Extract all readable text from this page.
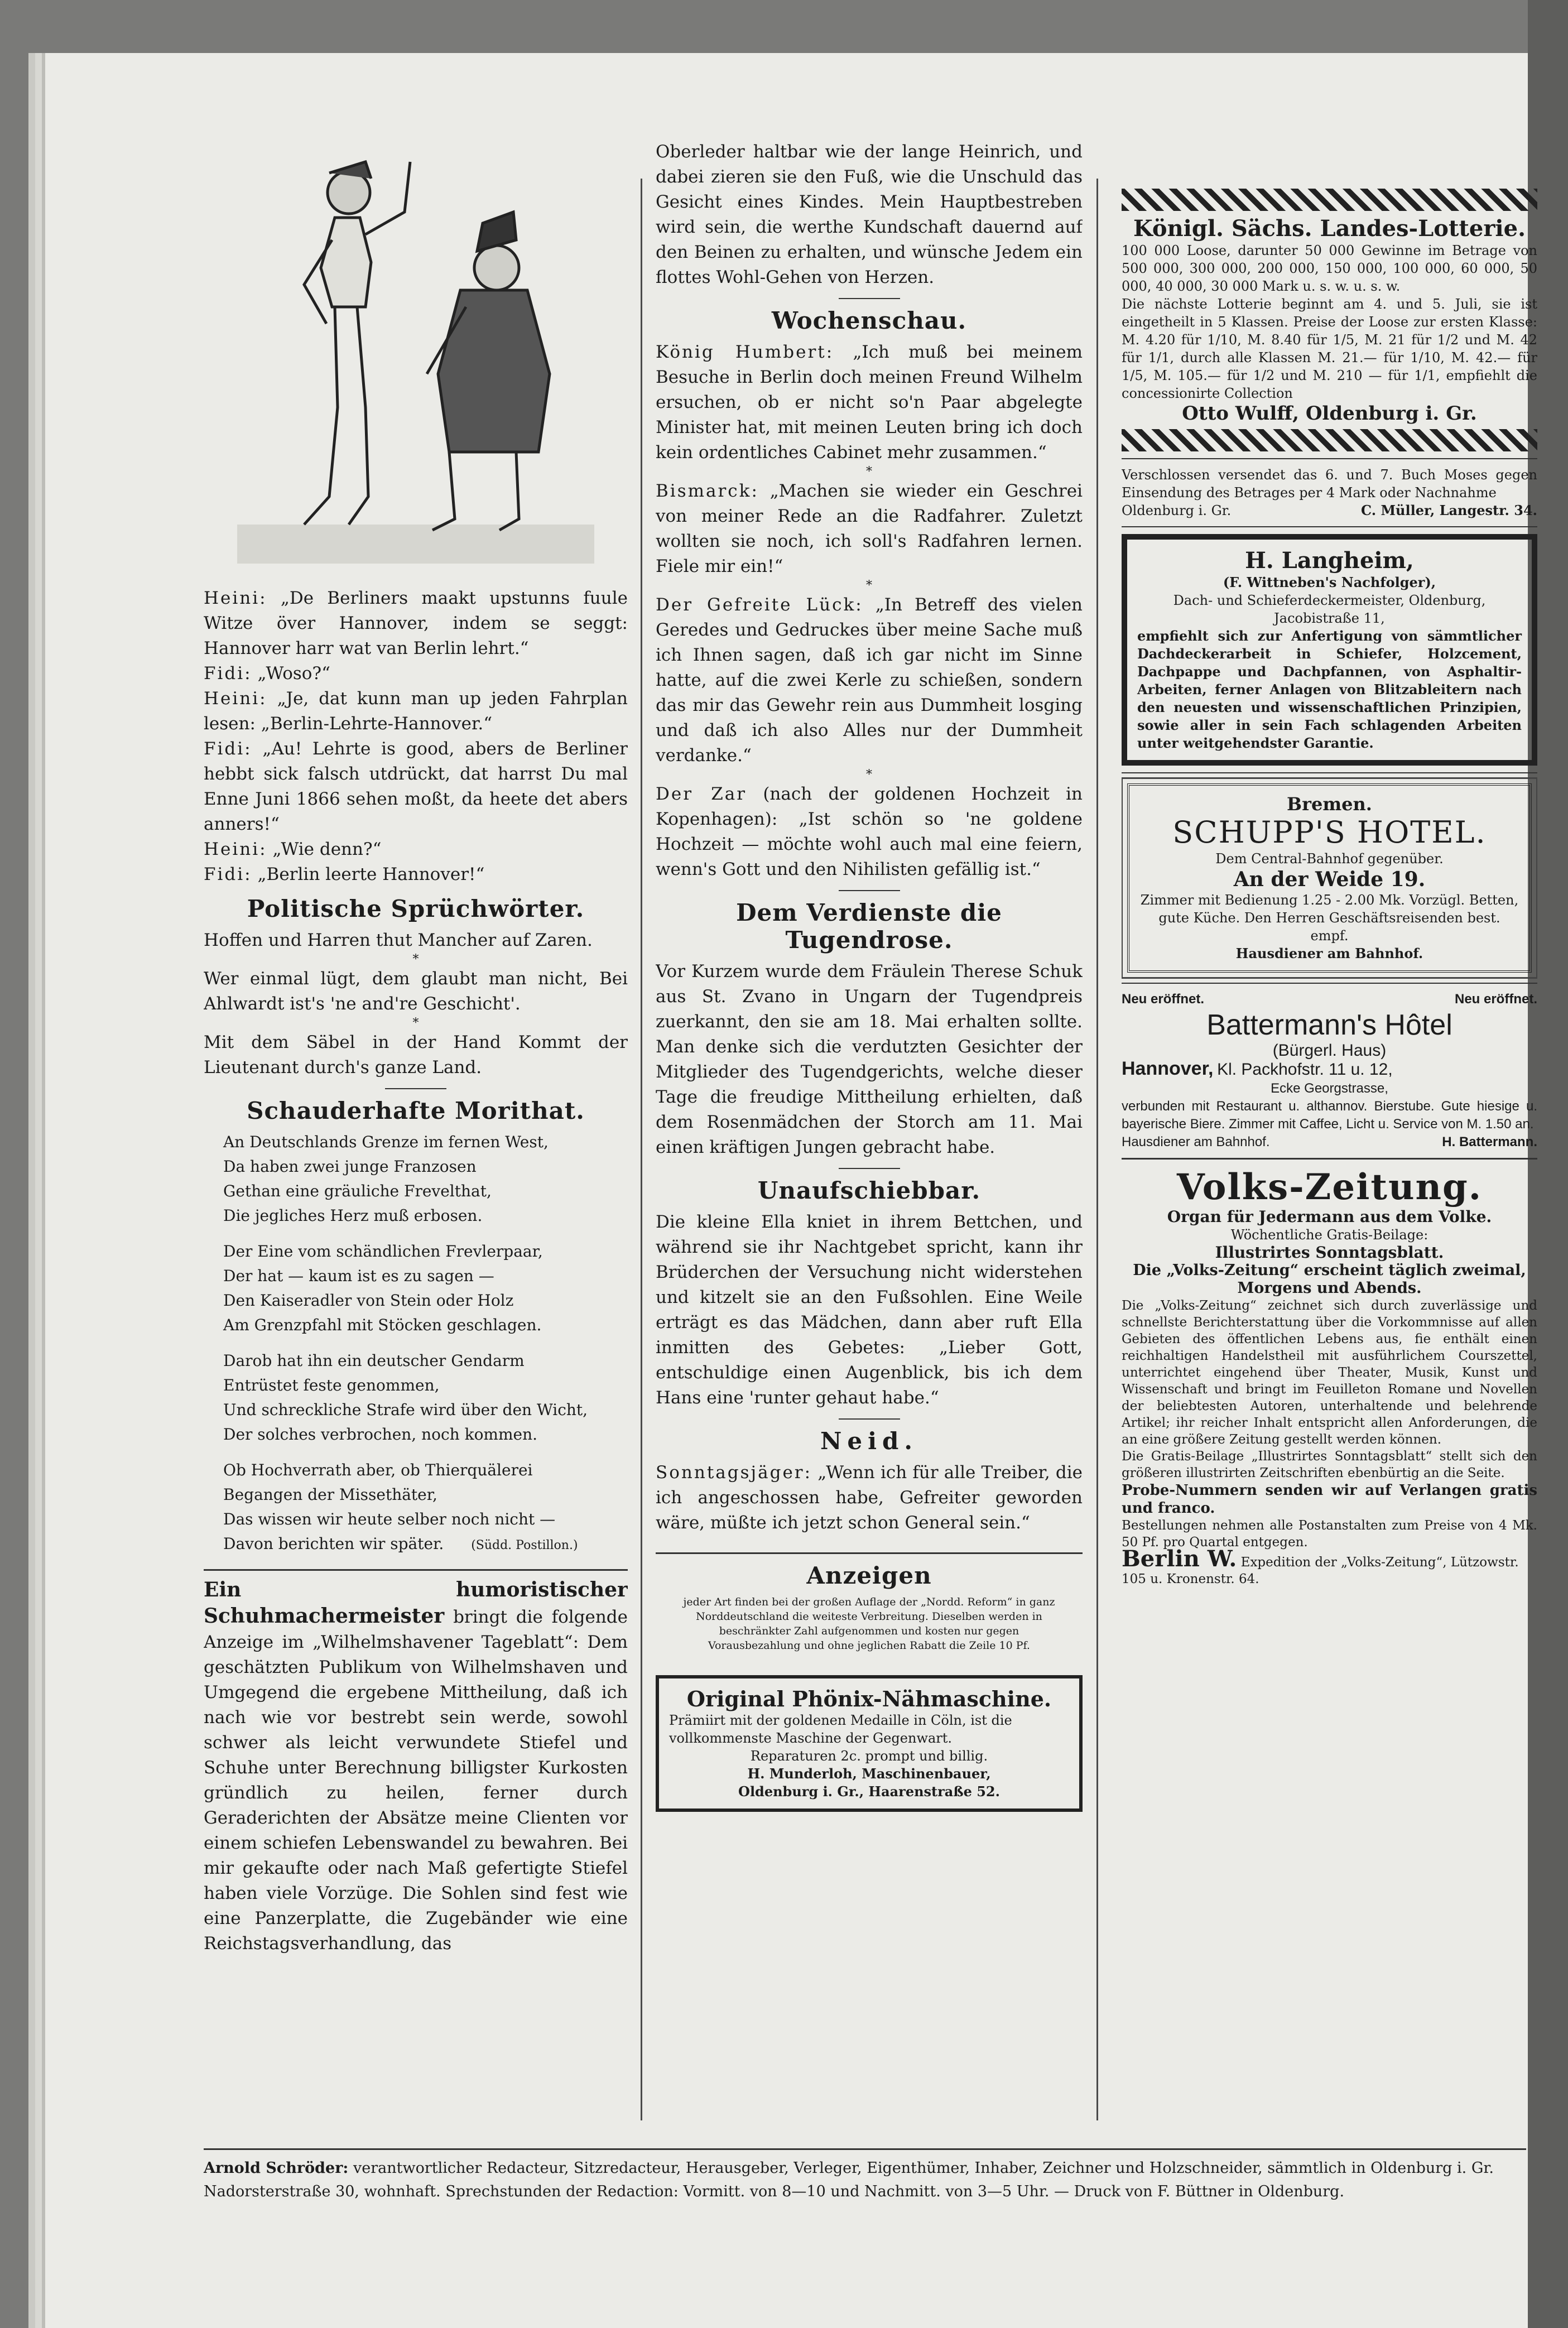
Heini: „De Berliners maakt upstunns fuule Witze över Hannover, indem se seggt: Hannover harr wat van Berlin lehrt.“

Fidi: „Woso?“

Heini: „Je, dat kunn man up jeden Fahrplan lesen: „Berlin-Lehrte-Hannover.“

Fidi: „Au! Lehrte is good, abers de Berliner hebbt sick falsch utdrückt, dat harrst Du mal Enne Juni 1866 sehen moßt, da heete det abers anners!“

Heini: „Wie denn?“

Fidi: „Berlin leerte Hannover!“

Politische Sprüchwörter.

Hoffen und Harren thut Mancher auf Zaren.

*

Wer einmal lügt, dem glaubt man nicht, Bei Ahlwardt ist's 'ne and're Geschicht'.

*

Mit dem Säbel in der Hand Kommt der Lieutenant durch's ganze Land.

Schauderhafte Morithat.
An Deutschlands Grenze im fernen West,
Da haben zwei junge Franzosen
Gethan eine gräuliche Frevelthat,
Die jegliches Herz muß erbosen.
Der Eine vom schändlichen Frevlerpaar,
Der hat — kaum ist es zu sagen —
Den Kaiseradler von Stein oder Holz
Am Grenzpfahl mit Stöcken geschlagen.
Darob hat ihn ein deutscher Gendarm
Entrüstet feste genommen,
Und schreckliche Strafe wird über den Wicht,
Der solches verbrochen, noch kommen.
Ob Hochverrath aber, ob Thierquälerei
Begangen der Missethäter,
Das wissen wir heute selber noch nicht —
Davon berichten wir später. (Südd. Postillon.)

Ein humoristischer Schuhmachermeister bringt die folgende Anzeige im „Wilhelmshavener Tageblatt“: Dem geschätzten Publikum von Wilhelmshaven und Umgegend die ergebene Mittheilung, daß ich nach wie vor bestrebt sein werde, sowohl schwer als leicht verwundete Stiefel und Schuhe unter Berechnung billigster Kurkosten gründlich zu heilen, ferner durch Geraderichten der Absätze meine Clienten vor einem schiefen Lebenswandel zu bewahren. Bei mir gekaufte oder nach Maß gefertigte Stiefel haben viele Vorzüge. Die Sohlen sind fest wie eine Panzerplatte, die Zugebänder wie eine Reichstagsverhandlung, das

Oberleder haltbar wie der lange Heinrich, und dabei zieren sie den Fuß, wie die Unschuld das Gesicht eines Kindes. Mein Hauptbestreben wird sein, die werthe Kundschaft dauernd auf den Beinen zu erhalten, und wünsche Jedem ein flottes Wohl-Gehen von Herzen.

Wochenschau.

König Humbert: „Ich muß bei meinem Besuche in Berlin doch meinen Freund Wilhelm ersuchen, ob er nicht so'n Paar abgelegte Minister hat, mit meinen Leuten bring ich doch kein ordentliches Cabinet mehr zusammen.“

*

Bismarck: „Machen sie wieder ein Geschrei von meiner Rede an die Radfahrer. Zuletzt wollten sie noch, ich soll's Radfahren lernen. Fiele mir ein!“

*

Der Gefreite Lück: „In Betreff des vielen Geredes und Gedruckes über meine Sache muß ich Ihnen sagen, daß ich gar nicht im Sinne hatte, auf die zwei Kerle zu schießen, sondern das mir das Gewehr rein aus Dummheit losging und daß ich also Alles nur der Dummheit verdanke.“

*

Der Zar (nach der goldenen Hochzeit in Kopenhagen): „Ist schön so 'ne goldene Hochzeit — möchte wohl auch mal eine feiern, wenn's Gott und den Nihilisten gefällig ist.“

Dem Verdienste die Tugendrose.

Vor Kurzem wurde dem Fräulein Therese Schuk aus St. Zvano in Ungarn der Tugendpreis zuerkannt, den sie am 18. Mai erhalten sollte. Man denke sich die verdutzten Gesichter der Mitglieder des Tugendgerichts, welche dieser Tage die freudige Mittheilung erhielten, daß dem Rosenmädchen der Storch am 11. Mai einen kräftigen Jungen gebracht habe.

Unaufschiebbar.

Die kleine Ella kniet in ihrem Bettchen, und während sie ihr Nachtgebet spricht, kann ihr Brüderchen der Versuchung nicht widerstehen und kitzelt sie an den Fußsohlen. Eine Weile erträgt es das Mädchen, dann aber ruft Ella inmitten des Gebetes: „Lieber Gott, entschuldige einen Augenblick, bis ich dem Hans eine 'runter gehaut habe.“

Neid.

Sonntagsjäger: „Wenn ich für alle Treiber, die ich angeschossen habe, Gefreiter geworden wäre, müßte ich jetzt schon General sein.“

Anzeigen

jeder Art finden bei der großen Auflage der „Nordd. Reform“ in ganz Norddeutschland die weiteste Verbreitung. Dieselben werden in beschränkter Zahl aufgenommen und kosten nur gegen Vorausbezahlung und ohne jeglichen Rabatt die Zeile 10 Pf.

Original Phönix-Nähmaschine.

Prämiirt mit der goldenen Medaille in Cöln, ist die vollkommenste Maschine der Gegenwart.

Reparaturen 2c. prompt und billig.

H. Munderloh, Maschinenbauer,

Oldenburg i. Gr., Haarenstraße 52.

Königl. Sächs. Landes-Lotterie.

100 000 Loose, darunter 50 000 Gewinne im Betrage von 500 000, 300 000, 200 000, 150 000, 100 000, 60 000, 50 000, 40 000, 30 000 Mark u. s. w. u. s. w.

Die nächste Lotterie beginnt am 4. und 5. Juli, sie ist eingetheilt in 5 Klassen. Preise der Loose zur ersten Klasse: M. 4.20 für 1/10, M. 8.40 für 1/5, M. 21 für 1/2 und M. 42 für 1/1, durch alle Klassen M. 21.— für 1/10, M. 42.— für 1/5, M. 105.— für 1/2 und M. 210 — für 1/1, empfiehlt die concessionirte Collection

Otto Wulff, Oldenburg i. Gr.

Verschlossen versendet das 6. und 7. Buch Moses gegen Einsendung des Betrages per 4 Mark oder Nachnahme

Oldenburg i. Gr.	C. Müller, Langestr. 34.

H. Langheim,
(F. Wittneben's Nachfolger),

Dach- und Schieferdeckermeister, Oldenburg, Jacobistraße 11,

empfiehlt sich zur Anfertigung von sämmtlicher Dachdeckerarbeit in Schiefer, Holzcement, Dachpappe und Dachpfannen, von Asphaltir-Arbeiten, ferner Anlagen von Blitzableitern nach den neuesten und wissenschaftlichen Prinzipien, sowie aller in sein Fach schlagenden Arbeiten unter weitgehendster Garantie.

Bremen.
SCHUPP'S HOTEL.

Dem Central-Bahnhof gegenüber.

An der Weide 19.

Zimmer mit Bedienung 1.25 - 2.00 Mk. Vorzügl. Betten, gute Küche. Den Herren Geschäftsreisenden best. empf.

Hausdiener am Bahnhof.

Neu eröffnet.	Neu eröffnet.

Battermann's Hôtel
(Bürgerl. Haus)

Hannover, Kl. Packhofstr. 11 u. 12,

Ecke Georgstrasse,

verbunden mit Restaurant u. althannov. Bierstube. Gute hiesige u. bayerische Biere. Zimmer mit Caffee, Licht u. Service von M. 1.50 an.

Hausdiener am Bahnhof.	H. Battermann.

Volks-Zeitung.
Organ für Jedermann aus dem Volke.
Wöchentliche Gratis-Beilage:
Illustrirtes Sonntagsblatt.

Die „Volks-Zeitung“ erscheint täglich zweimal, Morgens und Abends.

Die „Volks-Zeitung“ zeichnet sich durch zuverlässige und schnellste Berichterstattung über die Vorkommnisse auf allen Gebieten des öffentlichen Lebens aus, fie enthält einen reichhaltigen Handelstheil mit ausführlichem Courszettel, unterrichtet eingehend über Theater, Musik, Kunst und Wissenschaft und bringt im Feuilleton Romane und Novellen der beliebtesten Autoren, unterhaltende und belehrende Artikel; ihr reicher Inhalt entspricht allen Anforderungen, die an eine größere Zeitung gestellt werden können.

Die Gratis-Beilage „Illustrirtes Sonntagsblatt“ stellt sich den größeren illustrirten Zeitschriften ebenbürtig an die Seite.

Probe-Nummern senden wir auf Verlangen gratis und franco.

Bestellungen nehmen alle Postanstalten zum Preise von 4 Mk. 50 Pf. pro Quartal entgegen.

Berlin W. Expedition der „Volks-Zeitung“, Lützowstr. 105 u. Kronenstr. 64.

Arnold Schröder: verantwortlicher Redacteur, Sitzredacteur, Herausgeber, Verleger, Eigenthümer, Inhaber, Zeichner und Holzschneider, sämmtlich in Oldenburg i. Gr. Nadorsterstraße 30, wohnhaft. Sprechstunden der Redaction: Vormitt. von 8—10 und Nachmitt. von 3—5 Uhr. — Druck von F. Büttner in Oldenburg.
